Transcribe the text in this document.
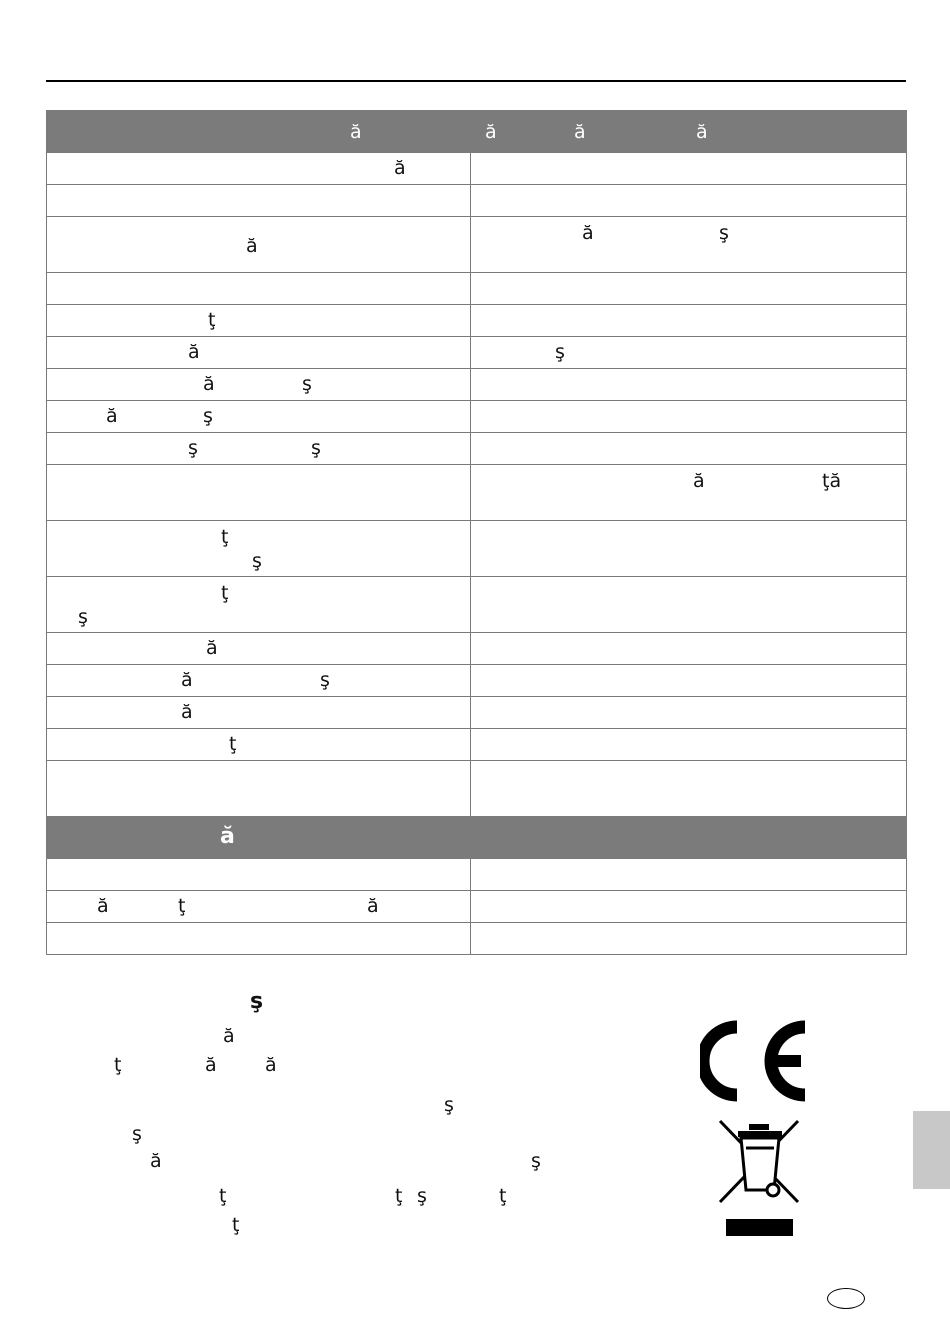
ă	ă ă ă

ă	

ă	ă ş

ţ	

ă	ş

ă ş	

ă ş	

ş ş	

	ă ţă

ţ
ş	

ţ
ş	

ă	

ă ş	

ă	

ţ	

ă	

ă ţ ă	

ş
ă
ţ	ă	ă
ş
ş
ă	ş
ţ	ţ ş	ţ
ţ
